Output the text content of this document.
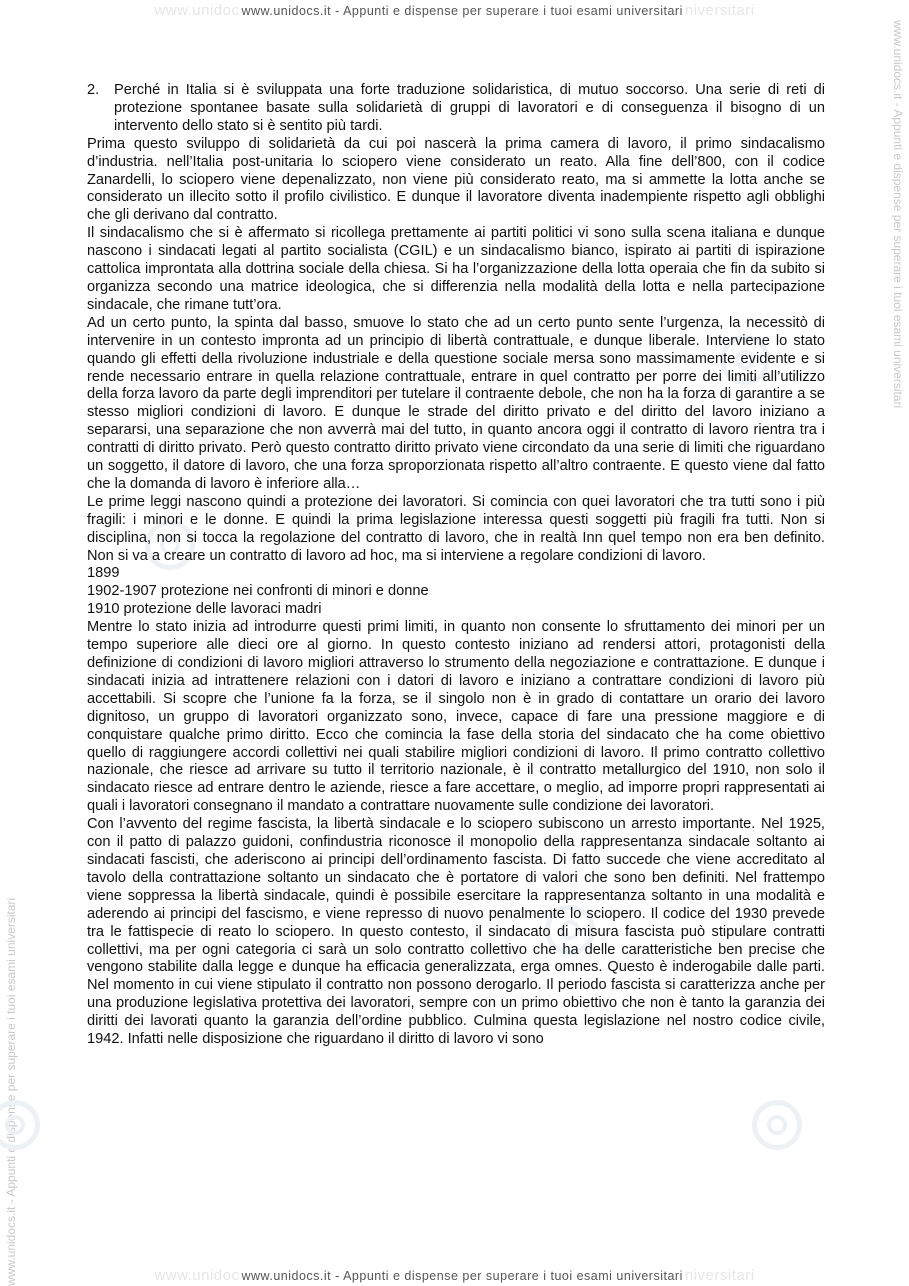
www.unidoc www.unidocs.it - Appunti e dispense per superare i tuoi esami universitari niversitari
www.unidocs.it - Appunti e dispense per superare i tuoi esami universitari
www.unidocs.it - Appunti e dispense per superare i tuoi esami universitari
2.	Perché in Italia si è sviluppata una forte traduzione solidaristica, di mutuo soccorso. Una serie di reti di protezione spontanee basate sulla solidarietà di gruppi di lavoratori e di conseguenza il bisogno di un intervento dello stato si è sentito più tardi.

Prima questo sviluppo di solidarietà da cui poi nascerà la prima camera di lavoro, il primo sindacalismo d’industria. nell’Italia post-unitaria lo sciopero viene considerato un reato. Alla fine dell’800, con il codice Zanardelli, lo sciopero viene depenalizzato, non viene più considerato reato, ma si ammette la lotta anche se considerato un illecito sotto il profilo civilistico. E dunque il lavoratore diventa inadempiente rispetto agli obblighi che gli derivano dal contratto.

Il sindacalismo che si è affermato si ricollega prettamente ai partiti politici vi sono sulla scena italiana e dunque nascono i sindacati legati al partito socialista (CGIL) e un sindacalismo bianco, ispirato ai partiti di ispirazione cattolica improntata alla dottrina sociale della chiesa. Si ha l’organizzazione della lotta operaia che fin da subito si organizza secondo una matrice ideologica, che si differenzia nella modalità della lotta e nella partecipazione sindacale, che rimane tutt’ora.

Ad un certo punto, la spinta dal basso, smuove lo stato che ad un certo punto sente l’urgenza, la necessitò di intervenire in un contesto impronta ad un principio di libertà contrattuale, e dunque liberale. Interviene lo stato quando gli effetti della rivoluzione industriale e della questione sociale mersa sono massimamente evidente e si rende necessario entrare in quella relazione contrattuale, entrare in quel contratto per porre dei limiti all’utilizzo della forza lavoro da parte degli imprenditori per tutelare il contraente debole, che non ha la forza di garantire a se stesso migliori condizioni di lavoro. E dunque le strade del diritto privato e del diritto del lavoro iniziano a separarsi, una separazione che non avverrà mai del tutto, in quanto ancora oggi il contratto di lavoro rientra tra i contratti di diritto privato. Però questo contratto diritto privato viene circondato da una serie di limiti che riguardano un soggetto, il datore di lavoro, che una forza sproporzionata rispetto all’altro contraente. E questo viene dal fatto che la domanda di lavoro è inferiore alla…

Le prime leggi nascono quindi a protezione dei lavoratori. Si comincia con quei lavoratori che tra tutti sono i più fragili: i minori e le donne. E quindi la prima legislazione interessa questi soggetti più fragili fra tutti. Non si disciplina, non si tocca la regolazione del contratto di lavoro, che in realtà Inn quel tempo non era ben definito. Non si va a creare un contratto di lavoro ad hoc, ma si interviene a regolare condizioni di lavoro.

1899

1902-1907 protezione nei confronti di minori e donne

1910 protezione delle lavoraci madri

Mentre lo stato inizia ad introdurre questi primi limiti, in quanto non consente lo sfruttamento dei minori per un tempo superiore alle dieci ore al giorno. In questo contesto iniziano ad rendersi attori, protagonisti della definizione di condizioni di lavoro migliori attraverso lo strumento della negoziazione e contrattazione. E dunque i sindacati inizia ad intrattenere relazioni con i datori di lavoro e iniziano a contrattare condizioni di lavoro più accettabili. Si scopre che l’unione fa la forza, se il singolo non è in grado di contattare un orario dei lavoro dignitoso, un gruppo di lavoratori organizzato sono, invece, capace di fare una pressione maggiore e di conquistare qualche primo diritto. Ecco che comincia la fase della storia del sindacato che ha come obiettivo quello di raggiungere accordi collettivi nei quali stabilire migliori condizioni di lavoro. Il primo contratto collettivo nazionale, che riesce ad arrivare su tutto il territorio nazionale, è il contratto metallurgico del 1910, non solo il sindacato riesce ad entrare dentro le aziende, riesce a fare accettare, o meglio, ad imporre propri rappresentati ai quali i lavoratori consegnano il mandato a contrattare nuovamente sulle condizione dei lavoratori.

Con l’avvento del regime fascista, la libertà sindacale e lo sciopero subiscono un arresto importante. Nel 1925, con il patto di palazzo guidoni, confindustria riconosce il monopolio della rappresentanza sindacale soltanto ai sindacati fascisti, che aderiscono ai principi dell’ordinamento fascista. Di fatto succede che viene accreditato al tavolo della contrattazione soltanto un sindacato che è portatore di valori che sono ben definiti. Nel frattempo viene soppressa la libertà sindacale, quindi è possibile esercitare la rappresentanza soltanto in una modalità e aderendo ai principi del fascismo, e viene represso di nuovo penalmente lo sciopero. Il codice del 1930 prevede tra le fattispecie di reato lo sciopero. In questo contesto, il sindacato di misura fascista può stipulare contratti collettivi, ma per ogni categoria ci sarà un solo contratto collettivo che ha delle caratteristiche ben precise che vengono stabilite dalla legge e dunque ha efficacia generalizzata, erga omnes. Questo è inderogabile dalle parti. Nel momento in cui viene stipulato il contratto non possono derogarlo. Il periodo fascista si caratterizza anche per una produzione legislativa protettiva dei lavoratori, sempre con un primo obiettivo che non è tanto la garanzia dei diritti dei lavorati quanto la garanzia dell’ordine pubblico. Culmina questa legislazione nel nostro codice civile, 1942. Infatti nelle disposizione che riguardano il diritto di lavoro vi sono

www.unidoc www.unidocs.it - Appunti e dispense per superare i tuoi esami universitari niversitari
